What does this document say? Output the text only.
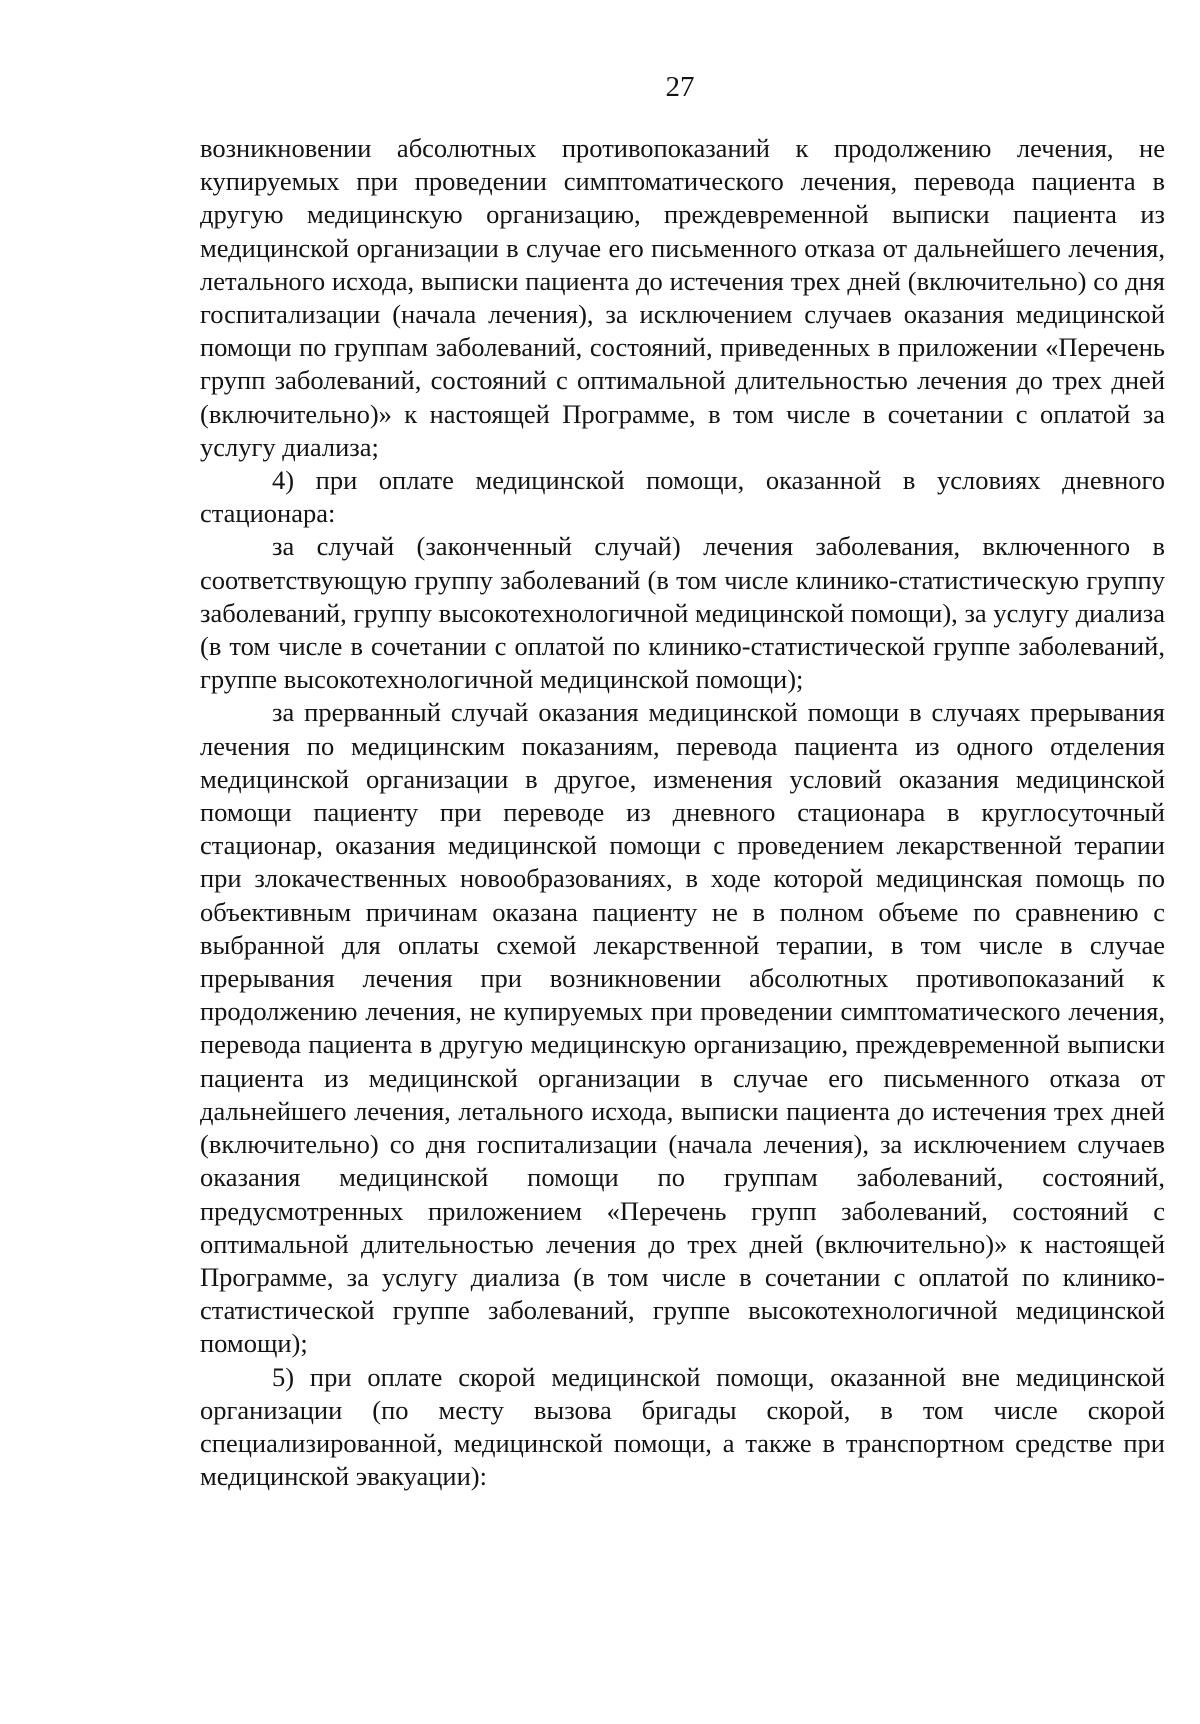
27

возникновении абсолютных противопоказаний к продолжению лечения, не купируемых при проведении симптоматического лечения, перевода пациента в другую медицинскую организацию, преждевременной выписки пациента из медицинской организации в случае его письменного отказа от дальнейшего лечения, летального исхода, выписки пациента до истечения трех дней (включительно) со дня госпитализации (начала лечения), за исключением случаев оказания медицинской помощи по группам заболеваний, состояний, приведенных в приложении «Перечень групп заболеваний, состояний с оптимальной длительностью лечения до трех дней (включительно)» к настоящей Программе, в том числе в сочетании с оплатой за услугу диализа;

4) при оплате медицинской помощи, оказанной в условиях дневного стационара:

за случай (законченный случай) лечения заболевания, включенного в соответствующую группу заболеваний (в том числе клинико-статистическую группу заболеваний, группу высокотехнологичной медицинской помощи), за услугу диализа (в том числе в сочетании с оплатой по клинико-статистической группе заболеваний, группе высокотехнологичной медицинской помощи);

за прерванный случай оказания медицинской помощи в случаях прерывания лечения по медицинским показаниям, перевода пациента из одного отделения медицинской организации в другое, изменения условий оказания медицинской помощи пациенту при переводе из дневного стационара в круглосуточный стационар, оказания медицинской помощи с проведением лекарственной терапии при злокачественных новообразованиях, в ходе которой медицинская помощь по объективным причинам оказана пациенту не в полном объеме по сравнению с выбранной для оплаты схемой лекарственной терапии, в том числе в случае прерывания лечения при возникновении абсолютных противопоказаний к продолжению лечения, не купируемых при проведении симптоматического лечения, перевода пациента в другую медицинскую организацию, преждевременной выписки пациента из медицинской организации в случае его письменного отказа от дальнейшего лечения, летального исхода, выписки пациента до истечения трех дней (включительно) со дня госпитализации (начала лечения), за исключением случаев оказания медицинской помощи по группам заболеваний, состояний, предусмотренных приложением «Перечень групп заболеваний, состояний с оптимальной длительностью лечения до трех дней (включительно)» к настоящей Программе, за услугу диализа (в том числе в сочетании с оплатой по клинико-статистической группе заболеваний, группе высокотехнологичной медицинской помощи);

5) при оплате скорой медицинской помощи, оказанной вне медицинской организации (по месту вызова бригады скорой, в том числе скорой специализированной, медицинской помощи, а также в транспортном средстве при медицинской эвакуации):
